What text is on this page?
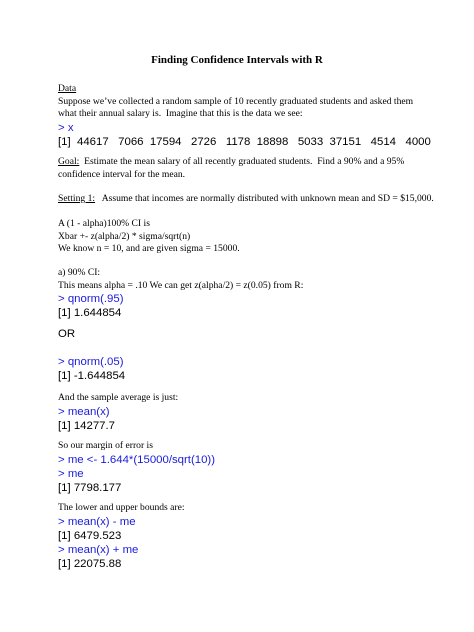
Finding Confidence Intervals with R
Data
Suppose we’ve collected a random sample of 10 recently graduated students and asked them
what their annual salary is.  Imagine that this is the data we see:
> x
[1]  44617   7066  17594   2726   1178  18898   5033  37151   4514   4000
Goal:  Estimate the mean salary of all recently graduated students.  Find a 90% and a 95%
confidence interval for the mean.
Setting 1:   Assume that incomes are normally distributed with unknown mean and SD = $15,000.
A (1 - alpha)100% CI is
Xbar +- z(alpha/2) * sigma/sqrt(n)
We know n = 10, and are given sigma = 15000.
a) 90% CI:
This means alpha = .10 We can get z(alpha/2) = z(0.05) from R:
> qnorm(.95)
[1] 1.644854
OR
> qnorm(.05)
[1] -1.644854
And the sample average is just:
> mean(x)
[1] 14277.7
So our margin of error is
> me <- 1.644*(15000/sqrt(10))
> me
[1] 7798.177
The lower and upper bounds are:
> mean(x) - me
[1] 6479.523
> mean(x) + me
[1] 22075.88
